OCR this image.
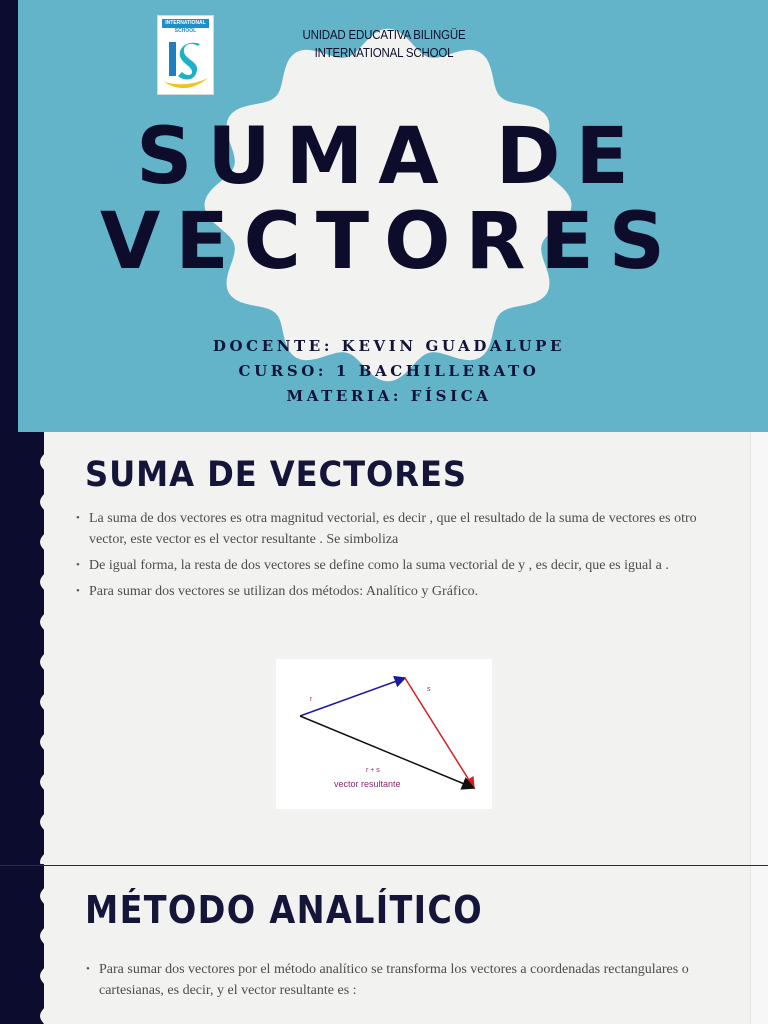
INTERNATIONAL
SCHOOL	UNIDAD EDUCATIVA BILINGÜE
INTERNATIONAL SCHOOL
SUMA DE
VECTORES
DOCENTE: KEVIN GUADALUPE
CURSO: 1 BACHILLERATO
MATERIA: FÍSICA
SUMA DE VECTORES
• La suma de dos vectores es otra magnitud vectorial, es decir , que el resultado de la suma de vectores es otro vector, este vector es el vector resultante . Se simboliza
• De igual forma, la resta de dos vectores se define como la suma vectorial de y , es decir, que es igual a .
• Para sumar dos vectores se utilizan dos métodos: Analítico y Gráfico.
r
s
r + s
vector resultante
MÉTODO ANALÍTICO
• Para sumar dos vectores por el método analítico se transforma los vectores a coordenadas rectangulares o cartesianas, es decir, y el vector resultante es :
